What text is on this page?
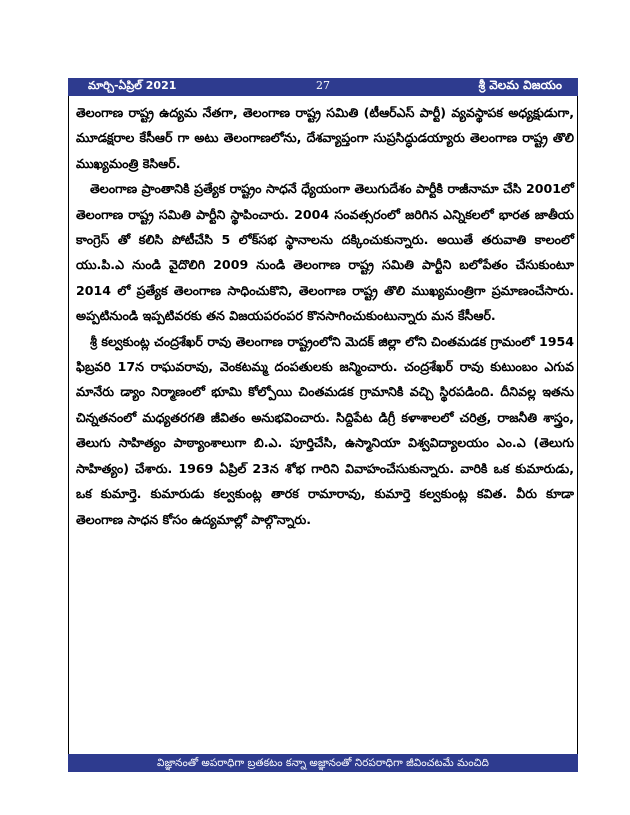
మార్చి-ఏప్రిల్ 2021	27	శ్రీ వెలమ విజయం

తెలంగాణ రాష్ట్ర ఉద్యమ నేతగా, తెలంగాణ రాష్ట్ర సమితి (టీఆర్ఎస్ పార్టీ) వ్యవస్థాపక అధ్యక్షుడుగా, మూడక్షరాల కేసీఆర్ గా అటు తెలంగాణలోను, దేశవ్యాప్తంగా సుప్రసిద్ధుడయ్యారు తెలంగాణ రాష్ట్ర తొలి ముఖ్యమంత్రి కెసిఆర్.

తెలంగాణ ప్రాంతానికి ప్రత్యేక రాష్ట్రం సాధనే ధ్యేయంగా తెలుగుదేశం పార్టీకి రాజీనామా చేసి 2001లో తెలంగాణ రాష్ట్ర సమితి పార్టీని స్థాపించారు. 2004 సంవత్సరంలో జరిగిన ఎన్నికలలో భారత జాతీయ కాంగ్రెస్ తో కలిసి పోటీచేసి 5 లోక్‌సభ స్థానాలను దక్కించుకున్నారు. అయితే తరువాతి కాలంలో యు.పి.ఎ నుండి వైదొలిగి 2009 నుండి తెలంగాణ రాష్ట్ర సమితి పార్టీని బలోపేతం చేసుకుంటూ 2014 లో ప్రత్యేక తెలంగాణ సాధించుకొని, తెలంగాణ రాష్ట్ర తొలి ముఖ్యమంత్రిగా ప్రమాణంచేసారు. అప్పటినుండి ఇప్పటివరకు తన విజయపరంపర కొనసాగించుకుంటున్నారు మన కేసీఆర్.

శ్రీ కల్వకుంట్ల చంద్రశేఖర్ రావు తెలంగాణ రాష్ట్రంలోని మెదక్ జిల్లా లోని చింతమడక గ్రామంలో 1954 ఫిబ్రవరి 17న రాఘవరావు, వెంకటమ్మ దంపతులకు జన్మించారు. చంద్రశేఖర్ రావు కుటుంబం ఎగువ మానేరు డ్యాం నిర్మాణంలో భూమి కోల్పోయి చింతమడక గ్రామానికి వచ్చి స్థిరపడింది. దీనివల్ల ఇతను చిన్నతనంలో మధ్యతరగతి జీవితం అనుభవించారు. సిద్దిపేట డిగ్రీ కళాశాలలో చరిత్ర, రాజనీతి శాస్త్రం, తెలుగు సాహిత్యం పాఠ్యాంశాలుగా బి.ఎ. పూర్తిచేసి, ఉస్మానియా విశ్వవిద్యాలయం ఎం.ఎ (తెలుగు సాహిత్యం) చేశారు. 1969 ఏప్రిల్ 23న శోభ గారిని వివాహంచేసుకున్నారు. వారికి ఒక కుమారుడు, ఒక కుమార్తె. కుమారుడు కల్వకుంట్ల తారక రామారావు, కుమార్తె కల్వకుంట్ల కవిత. వీరు కూడా తెలంగాణ సాధన కోసం ఉద్యమాల్లో పాల్గొన్నారు.

విజ్ఞానంతో అపరాధిగా బ్రతకటం కన్నా అజ్ఞానంతో నిరపరాధిగా జీవించటమే మంచిది
